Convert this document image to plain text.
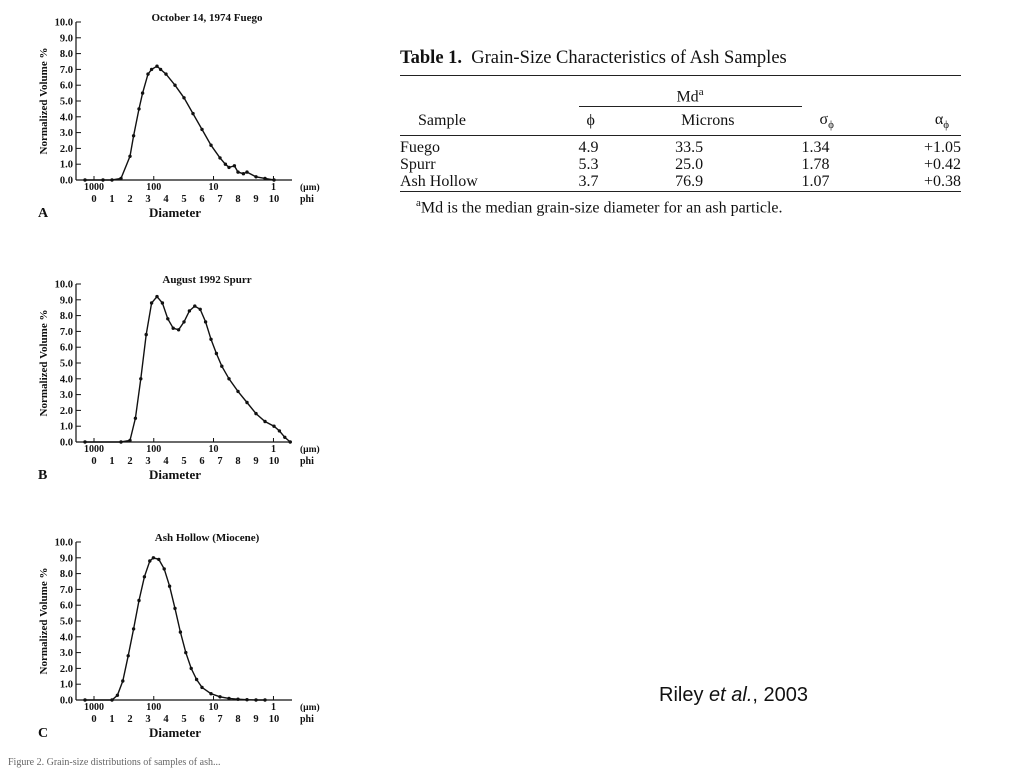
October 14, 1974 Fuego
0.0
1.0
2.0
3.0
4.0
5.0
6.0
7.0
8.0
9.0
10.0
Normalized Volume %
1000	100	10	1	(µm)
0 1 2 3 4 5 6 7 8 9 10 phi
A	Diameter
August 1992 Spurr
0.0
1.0
2.0
3.0
4.0
5.0
6.0
7.0
8.0
9.0
10.0
Normalized Volume %
1000	100	10	1	(µm)
0 1 2 3 4 5 6 7 8 9 10 phi
B	Diameter
Ash Hollow (Miocene)
0.0
1.0
2.0
3.0
4.0
5.0
6.0
7.0
8.0
9.0
10.0
Normalized Volume %
1000	100	10	1	(µm)
0 1 2 3 4 5 6 7 8 9 10 phi
C	Diameter
Table 1. Grain-Size Characteristics of Ash Samples

	Md$^a$		
Sample	ϕ	Microns	$\sigma_\phi$	$\alpha_\phi$
Fuego	4.9	33.5	1.34	+1.05
Spurr	5.3	25.0	1.78	+0.42
Ash Hollow	3.7	76.9	1.07	+0.38
$^a$Md is the median grain-size diameter for an ash particle.
Riley et al., 2003
Figure 2. Grain-size distributions of samples of ash...
